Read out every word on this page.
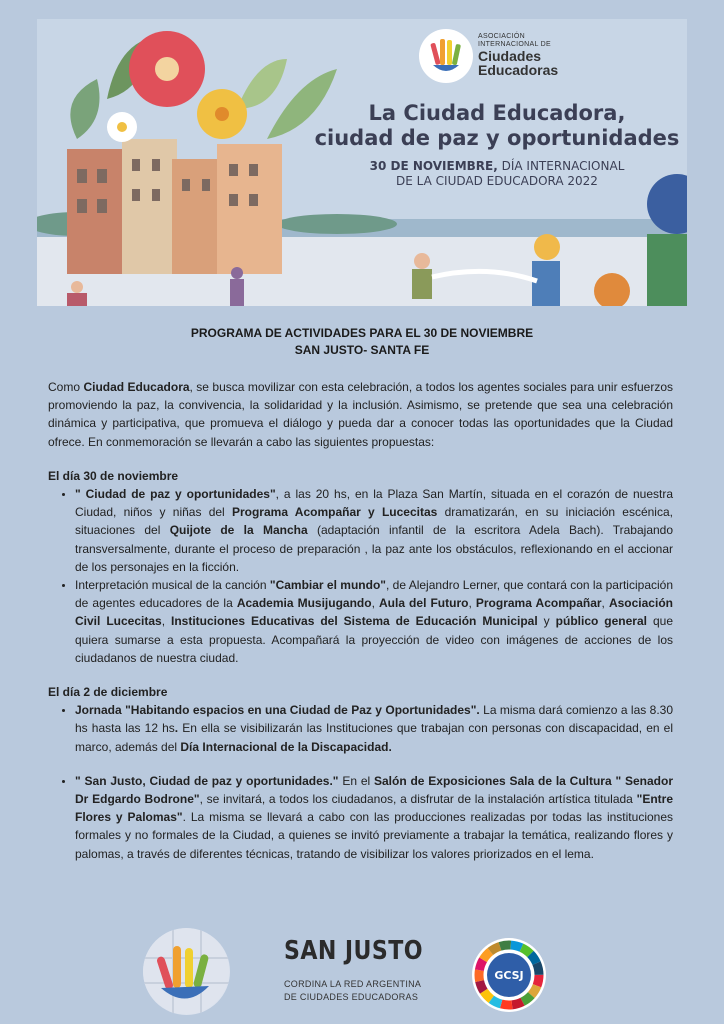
ASOCIACIÓN
INTERNACIONAL DE
Ciudades
Educadoras
La Ciudad Educadora,
ciudad de paz y oportunidades
30 DE NOVIEMBRE, DÍA INTERNACIONAL
DE LA CIUDAD EDUCADORA 2022
PROGRAMA DE ACTIVIDADES PARA EL 30 DE NOVIEMBRE
SAN JUSTO- SANTA FE

Como Ciudad Educadora, se busca movilizar con esta celebración, a todos los agentes sociales para unir esfuerzos promoviendo la paz, la convivencia, la solidaridad y la inclusión. Asimismo, se pretende que sea una celebración dinámica y participativa, que promueva el diálogo y pueda dar a conocer todas las oportunidades que la Ciudad ofrece. En conmemoración se llevarán a cabo las siguientes propuestas:

El día 30 de noviembre
• " Ciudad de paz y oportunidades", a las 20 hs, en la Plaza San Martín, situada en el corazón de nuestra Ciudad, niños y niñas del Programa Acompañar y Lucecitas dramatizarán, en su iniciación escénica, situaciones del Quijote de la Mancha (adaptación infantil de la escritora Adela Bach). Trabajando transversalmente, durante el proceso de preparación , la paz ante los obstáculos, reflexionando en el accionar de los personajes en la ficción.
• Interpretación musical de la canción "Cambiar el mundo", de Alejandro Lerner, que contará con la participación de agentes educadores de la Academia Musijugando, Aula del Futuro, Programa Acompañar, Asociación Civil Lucecitas, Instituciones Educativas del Sistema de Educación Municipal y público general que quiera sumarse a esta propuesta. Acompañará la proyección de video con imágenes de acciones de los ciudadanos de nuestra ciudad.
El día 2 de diciembre
• Jornada "Habitando espacios en una Ciudad de Paz y Oportunidades". La misma dará comienzo a las 8.30 hs hasta las 12 hs. En ella se visibilizarán las Instituciones que trabajan con personas con discapacidad, en el marco, además del Día Internacional de la Discapacidad.
• " San Justo, Ciudad de paz y oportunidades." En el Salón de Exposiciones Sala de la Cultura " Senador Dr Edgardo Bodrone", se invitará, a todos los ciudadanos, a disfrutar de la instalación artística titulada "Entre Flores y Palomas". La misma se llevará a cabo con las producciones realizadas por todas las instituciones formales y no formales de la Ciudad, a quienes se invitó previamente a trabajar la temática, realizando flores y palomas, a través de diferentes técnicas, tratando de visibilizar los valores priorizados en el lema.
SAN JUSTO
CORDINA LA RED ARGENTINA
DE CIUDADES EDUCADORAS
GCSJ
